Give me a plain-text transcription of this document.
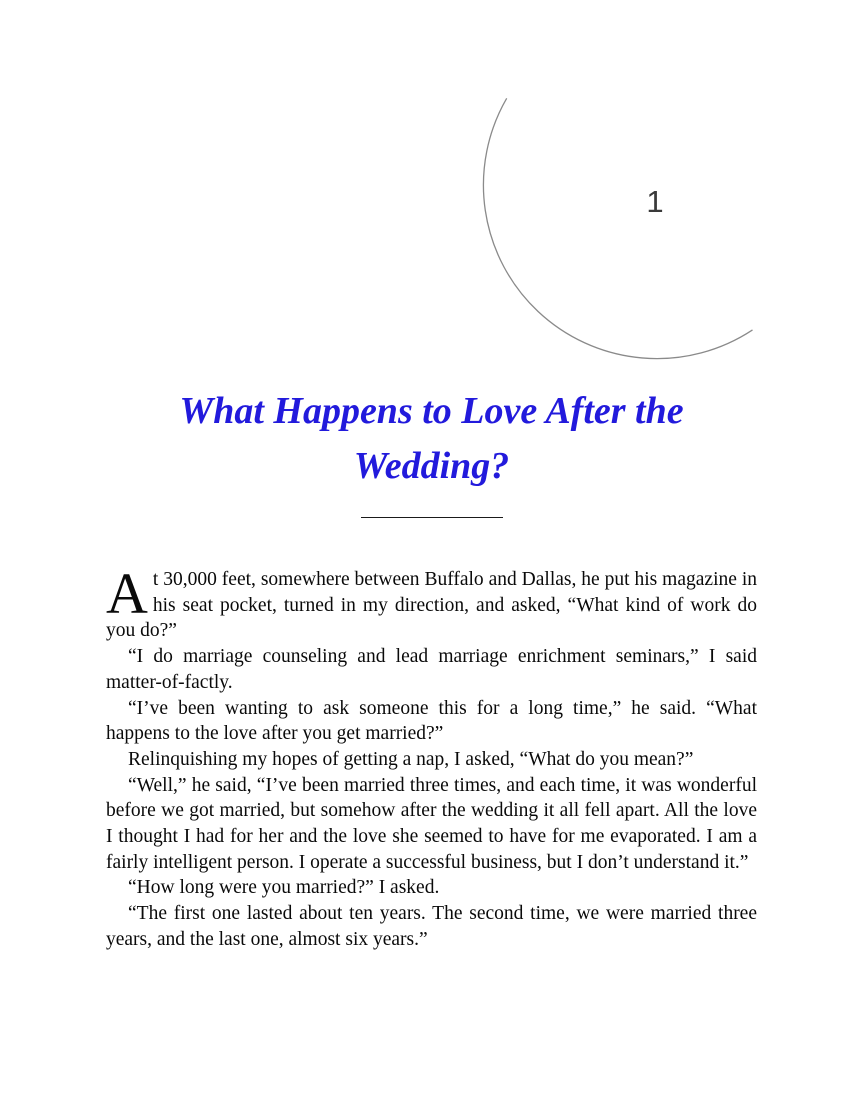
1
What Happens to Love After the Wedding?

At 30,000 feet, somewhere between Buffalo and Dallas, he put his magazine in his seat pocket, turned in my direction, and asked, “What kind of work do you do?”

“I do marriage counseling and lead marriage enrichment seminars,” I said matter-of-factly.

“I’ve been wanting to ask someone this for a long time,” he said. “What happens to the love after you get married?”

Relinquishing my hopes of getting a nap, I asked, “What do you mean?”

“Well,” he said, “I’ve been married three times, and each time, it was wonderful before we got married, but somehow after the wedding it all fell apart. All the love I thought I had for her and the love she seemed to have for me evaporated. I am a fairly intelligent person. I operate a successful business, but I don’t understand it.”

“How long were you married?” I asked.

“The first one lasted about ten years. The second time, we were married three years, and the last one, almost six years.”
